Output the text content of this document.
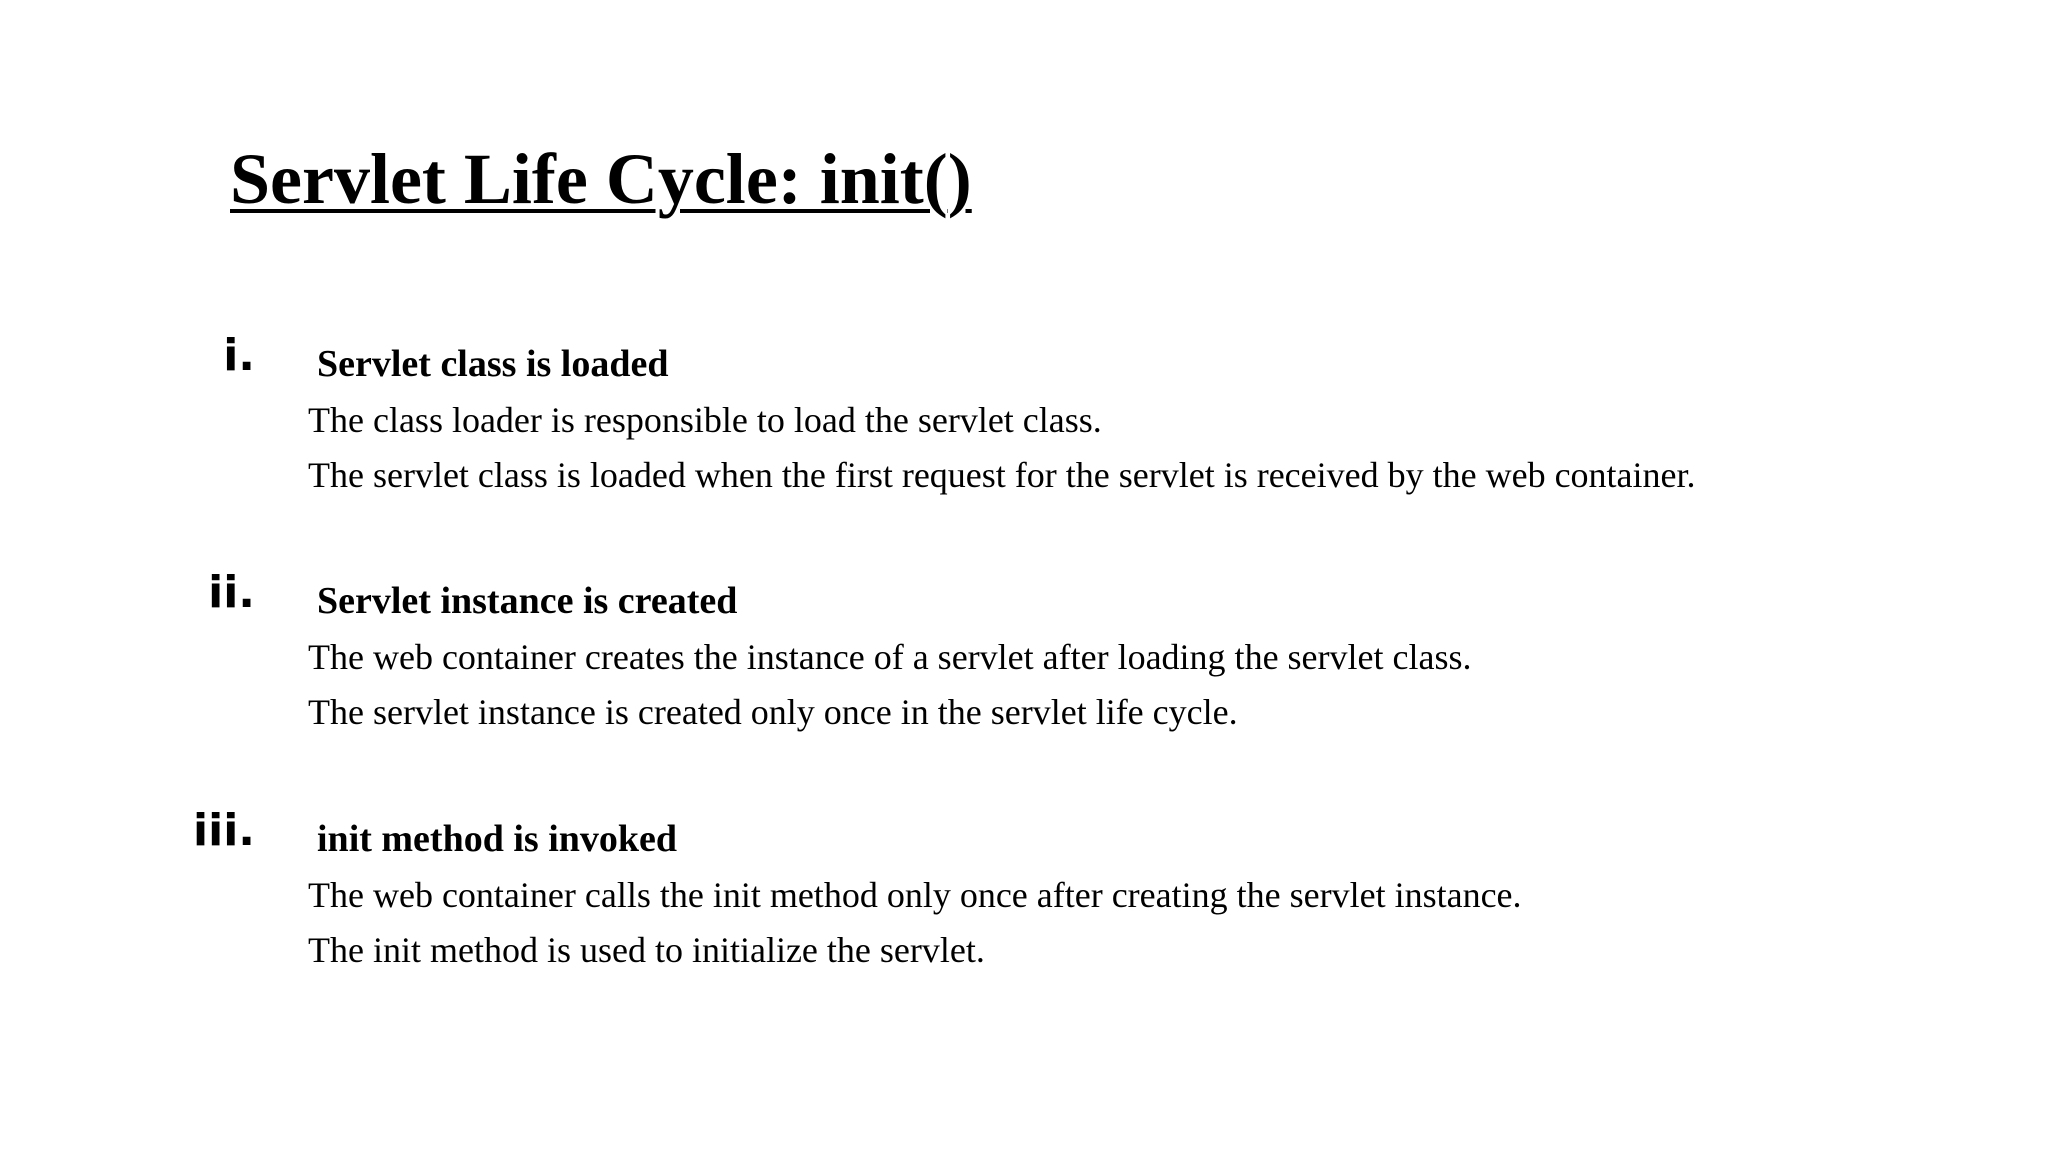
Servlet Life Cycle: init()
i. Servlet class is loaded
The class loader is responsible to load the servlet class.
The servlet class is loaded when the first request for the servlet is received by the web container.
ii. Servlet instance is created
The web container creates the instance of a servlet after loading the servlet class.
The servlet instance is created only once in the servlet life cycle.
iii. init method is invoked
The web container calls the init method only once after creating the servlet instance.
The init method is used to initialize the servlet.
